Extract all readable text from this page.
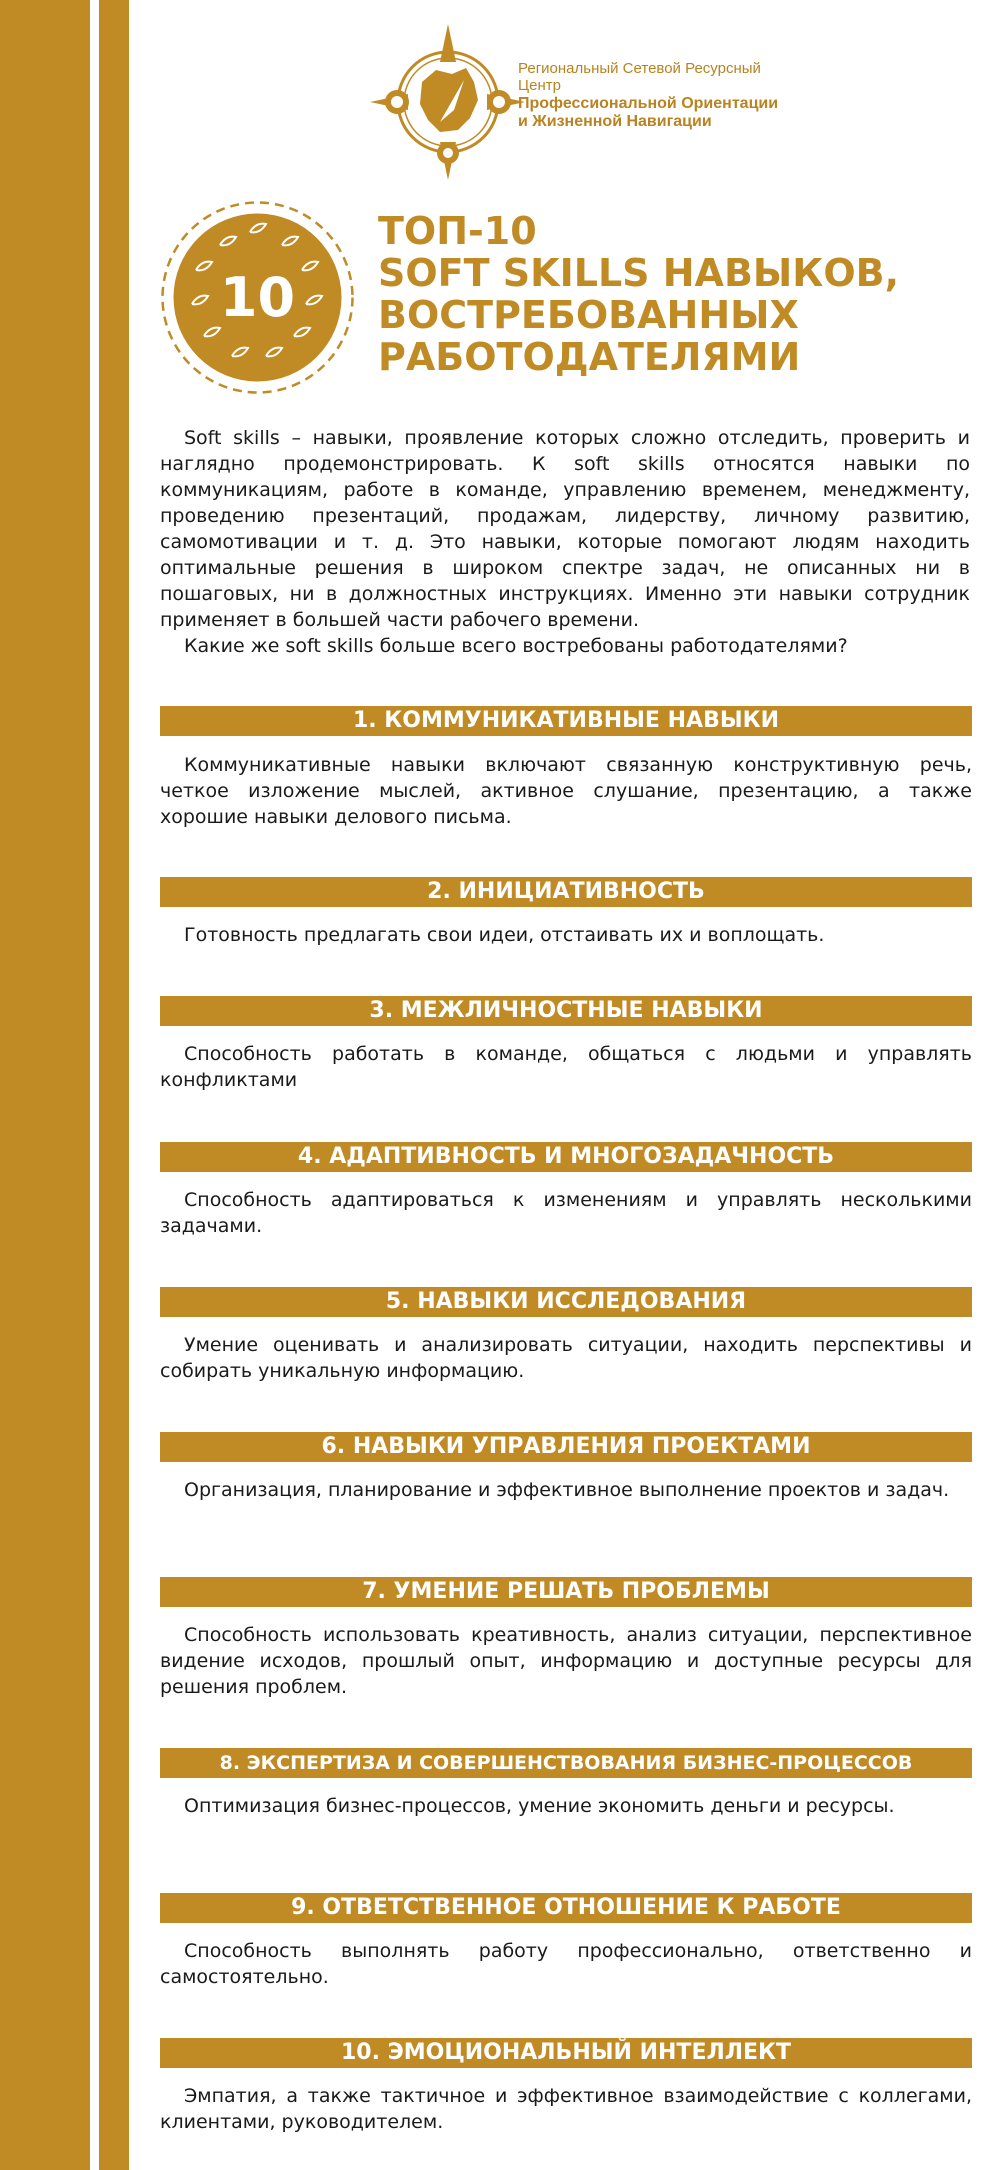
Региональный Сетевой Ресурсный Центр
Профессиональной Ориентации
и Жизненной Навигации
10
ТОП-10
SOFT SKILLS НАВЫКОВ,
ВОСТРЕБОВАННЫХ
РАБОТОДАТЕЛЯМИ

Soft skills – навыки, проявление которых сложно отследить, проверить и наглядно продемонстрировать. К soft skills относятся навыки по коммуникациям, работе в команде, управлению временем, менеджменту, проведению презентаций, продажам, лидерству, личному развитию, самомотивации и т. д. Это навыки, которые помогают людям находить оптимальные решения в широком спектре задач, не описанных ни в пошаговых, ни в должностных инструкциях. Именно эти навыки сотрудник применяет в большей части рабочего времени.

Какие же soft skills больше всего востребованы работодателями?

1. КОММУНИКАТИВНЫЕ НАВЫКИ

Коммуникативные навыки включают связанную конструктивную речь, четкое изложение мыслей, активное слушание, презентацию, а также хорошие навыки делового письма.

2. ИНИЦИАТИВНОСТЬ

Готовность предлагать свои идеи, отстаивать их и воплощать.

3. МЕЖЛИЧНОСТНЫЕ НАВЫКИ

Способность работать в команде, общаться с людьми и управлять конфликтами

4. АДАПТИВНОСТЬ И МНОГОЗАДАЧНОСТЬ

Способность адаптироваться к изменениям и управлять несколькими задачами.

5. НАВЫКИ ИССЛЕДОВАНИЯ

Умение оценивать и анализировать ситуации, находить перспективы и собирать уникальную информацию.

6. НАВЫКИ УПРАВЛЕНИЯ ПРОЕКТАМИ

Организация, планирование и эффективное выполнение проектов и задач.

7. УМЕНИЕ РЕШАТЬ ПРОБЛЕМЫ

Способность использовать креативность, анализ ситуации, перспективное видение исходов, прошлый опыт, информацию и доступные ресурсы для решения проблем.

8. ЭКСПЕРТИЗА И СОВЕРШЕНСТВОВАНИЯ БИЗНЕС-ПРОЦЕССОВ

Оптимизация бизнес-процессов, умение экономить деньги и ресурсы.

9. ОТВЕТСТВЕННОЕ ОТНОШЕНИЕ К РАБОТЕ

Способность выполнять работу профессионально, ответственно и самостоятельно.

10. ЭМОЦИОНАЛЬНЫЙ ИНТЕЛЛЕКТ

Эмпатия, а также тактичное и эффективное взаимодействие с коллегами, клиентами, руководителем.
